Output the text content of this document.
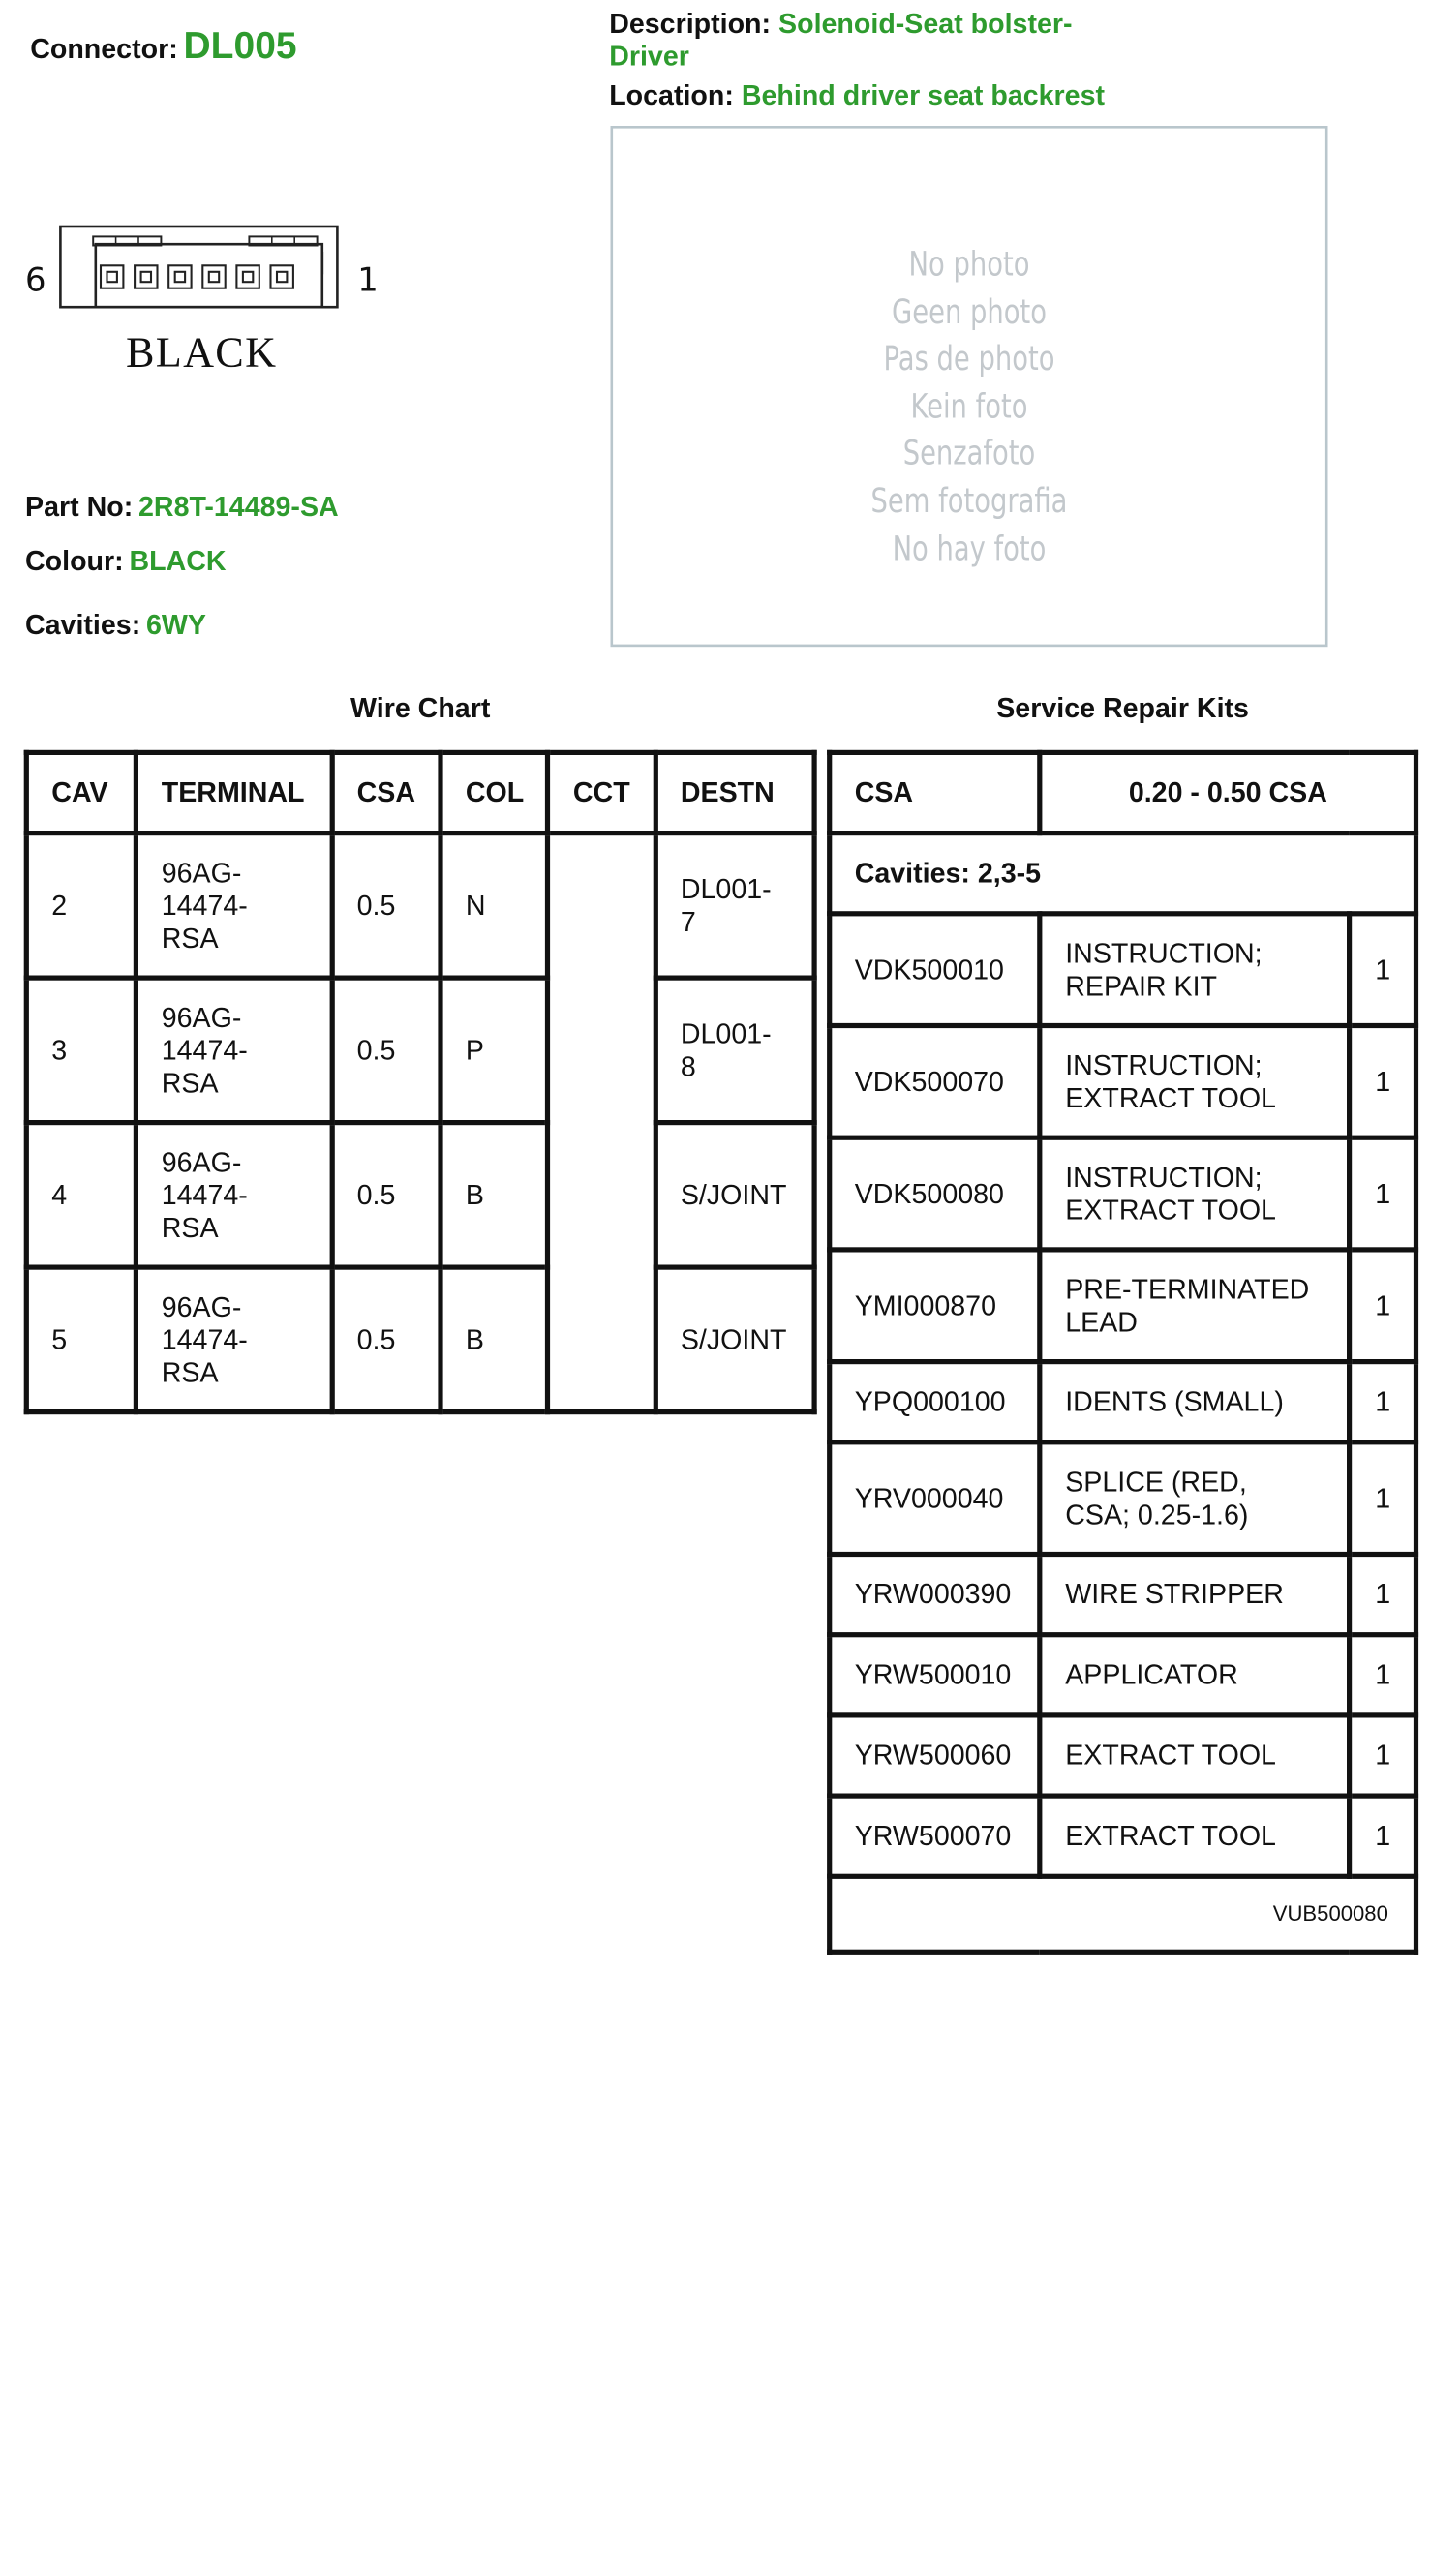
Connector: DL005
Description: Solenoid-Seat bolster-Driver
Location: Behind driver seat backrest
No photo
Geen photo
Pas de photo
Kein foto
Senzafoto
Sem fotografia
No hay foto
6	1
BLACK
Part No: 2R8T-14489-SA
Colour: BLACK
Cavities: 6WY
Wire Chart	Service Repair Kits
CAV	TERMINAL	CSA	COL	CCT	DESTN
2	96AG-
14474-
RSA	0.5	N		DL001-
7
3	96AG-
14474-
RSA	0.5	P		DL001-
8
4	96AG-
14474-
RSA	0.5	B		S/JOINT
5	96AG-
14474-
RSA	0.5	B		S/JOINT
CSA	0.20 - 0.50 CSA	
Cavities: 2,3-5		
VDK500010	INSTRUCTION;
REPAIR KIT	1
VDK500070	INSTRUCTION;
EXTRACT TOOL	1
VDK500080	INSTRUCTION;
EXTRACT TOOL	1
YMI000870	PRE-TERMINATED
LEAD	1
YPQ000100	IDENTS (SMALL)	1
YRV000040	SPLICE (RED,
CSA; 0.25-1.6)	1
YRW000390	WIRE STRIPPER	1
YRW500010	APPLICATOR	1
YRW500060	EXTRACT TOOL	1
YRW500070	EXTRACT TOOL	1
VUB500080		
